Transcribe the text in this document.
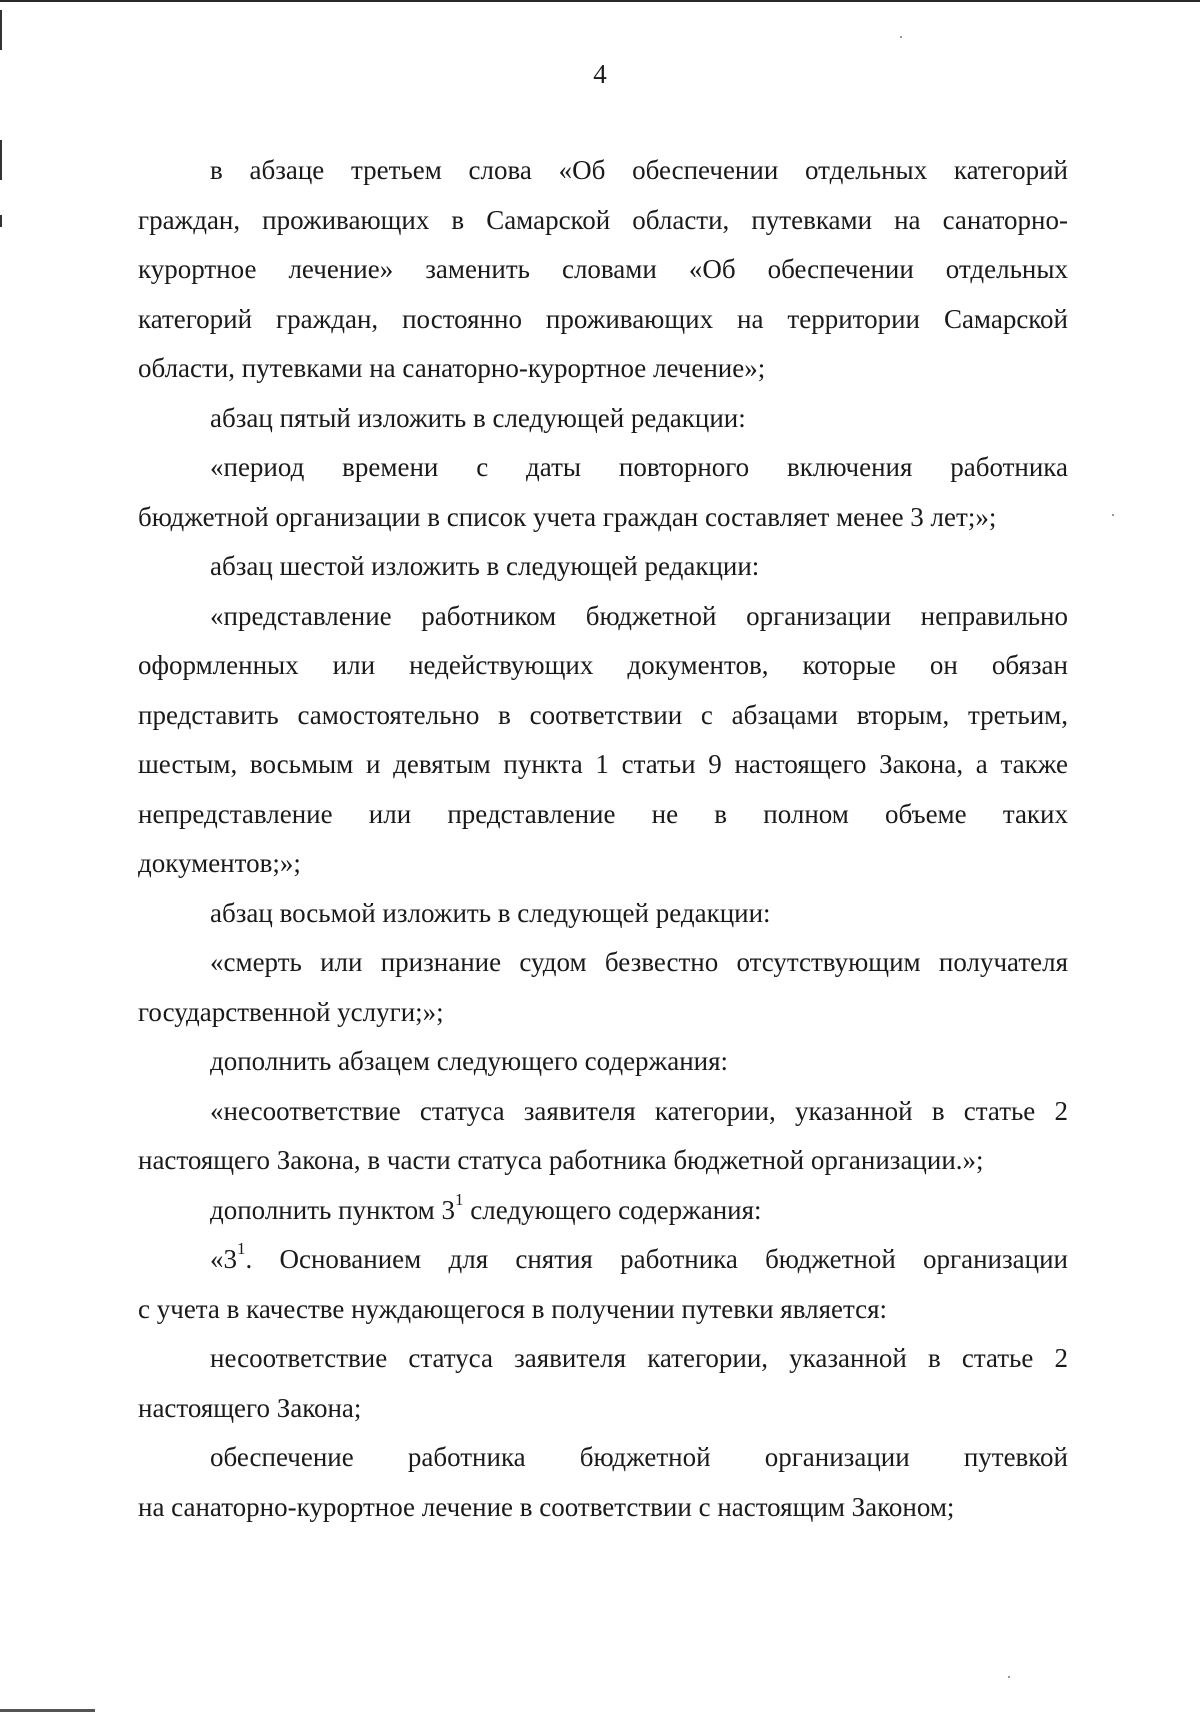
4
в абзаце третьем слова «Об обеспечении отдельных категорий
граждан, проживающих в Самарской области, путевками на санаторно-
курортное лечение» заменить словами «Об обеспечении отдельных
категорий граждан, постоянно проживающих на территории Самарской
области, путевками на санаторно-курортное лечение»;
абзац пятый изложить в следующей редакции:
«период времени с даты повторного включения работника
бюджетной организации в список учета граждан составляет менее 3 лет;»;
абзац шестой изложить в следующей редакции:
«представление работником бюджетной организации неправильно
оформленных или недействующих документов, которые он обязан
представить самостоятельно в соответствии с абзацами вторым, третьим,
шестым, восьмым и девятым пункта 1 статьи 9 настоящего Закона, а также
непредставление или представление не в полном объеме таких
документов;»;
абзац восьмой изложить в следующей редакции:
«смерть или признание судом безвестно отсутствующим получателя
государственной услуги;»;
дополнить абзацем следующего содержания:
«несоответствие статуса заявителя категории, указанной в статье 2
настоящего Закона, в части статуса работника бюджетной организации.»;
дополнить пунктом $3^1$ следующего содержания:
«$3^1$. Основанием для снятия работника бюджетной организации
с учета в качестве нуждающегося в получении путевки является:
несоответствие статуса заявителя категории, указанной в статье 2
настоящего Закона;
обеспечение работника бюджетной организации путевкой
на санаторно-курортное лечение в соответствии с настоящим Законом;
